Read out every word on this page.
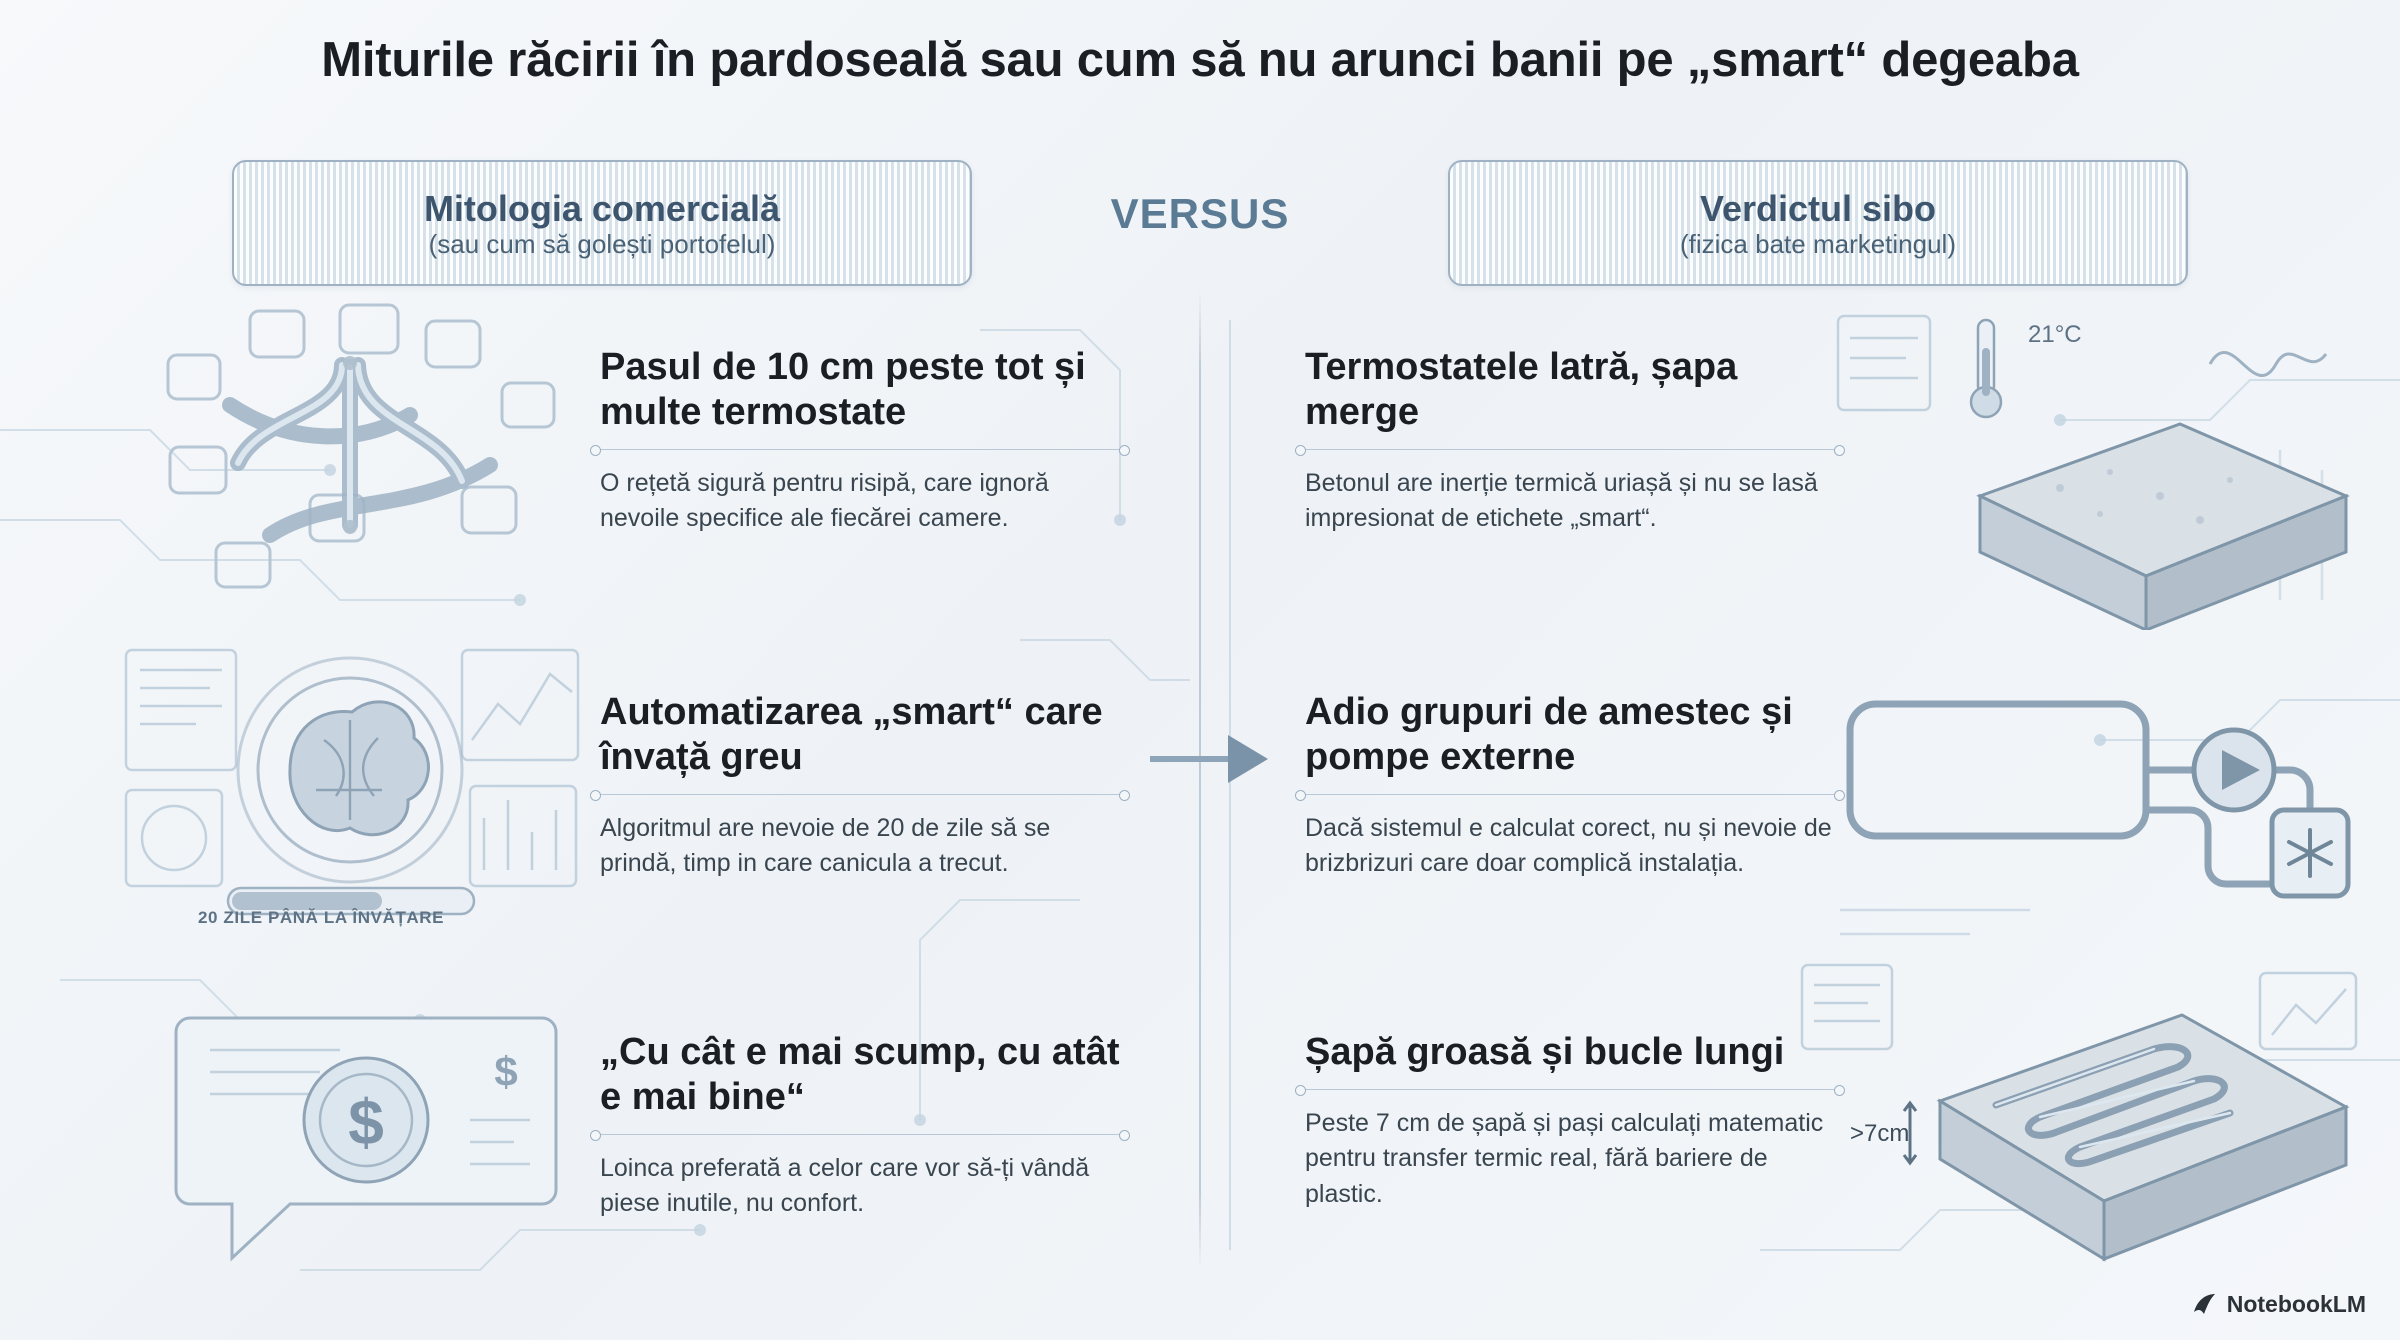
Miturile răcirii în pardoseală sau cum să nu arunci banii pe „smart“ degeaba
Mitologia comercială
(sau cum să golești portofelul)
VERSUS	Verdictul sibo
(fizica bate marketingul)
Pasul de 10 cm peste tot și multe termostate
O rețetă sigură pentru risipă, care ignoră nevoile specifice ale fiecărei camere.
20 ZILE PÂNĂ LA ÎNVĂȚARE
Automatizarea „smart“ care învață greu
Algoritmul are nevoie de 20 de zile să se prindă, timp in care canicula a trecut.
$
$ „Cu cât e mai scump, cu atât e mai bine“
Loinca preferată a celor care vor să-ți vândă piese inutile, nu confort.
Termostatele latră, șapa merge
Betonul are inerție termică uriașă și nu se lasă impresionat de etichete „smart“.
21°C
Adio grupuri de amestec și pompe externe
Dacă sistemul e calculat corect, nu și nevoie de brizbrizuri care doar complică instalația.
Șapă groasă și bucle lungi
Peste 7 cm de șapă și pași calculați matematic pentru transfer termic real, fără bariere de plastic.
>7cm
NotebookLM
